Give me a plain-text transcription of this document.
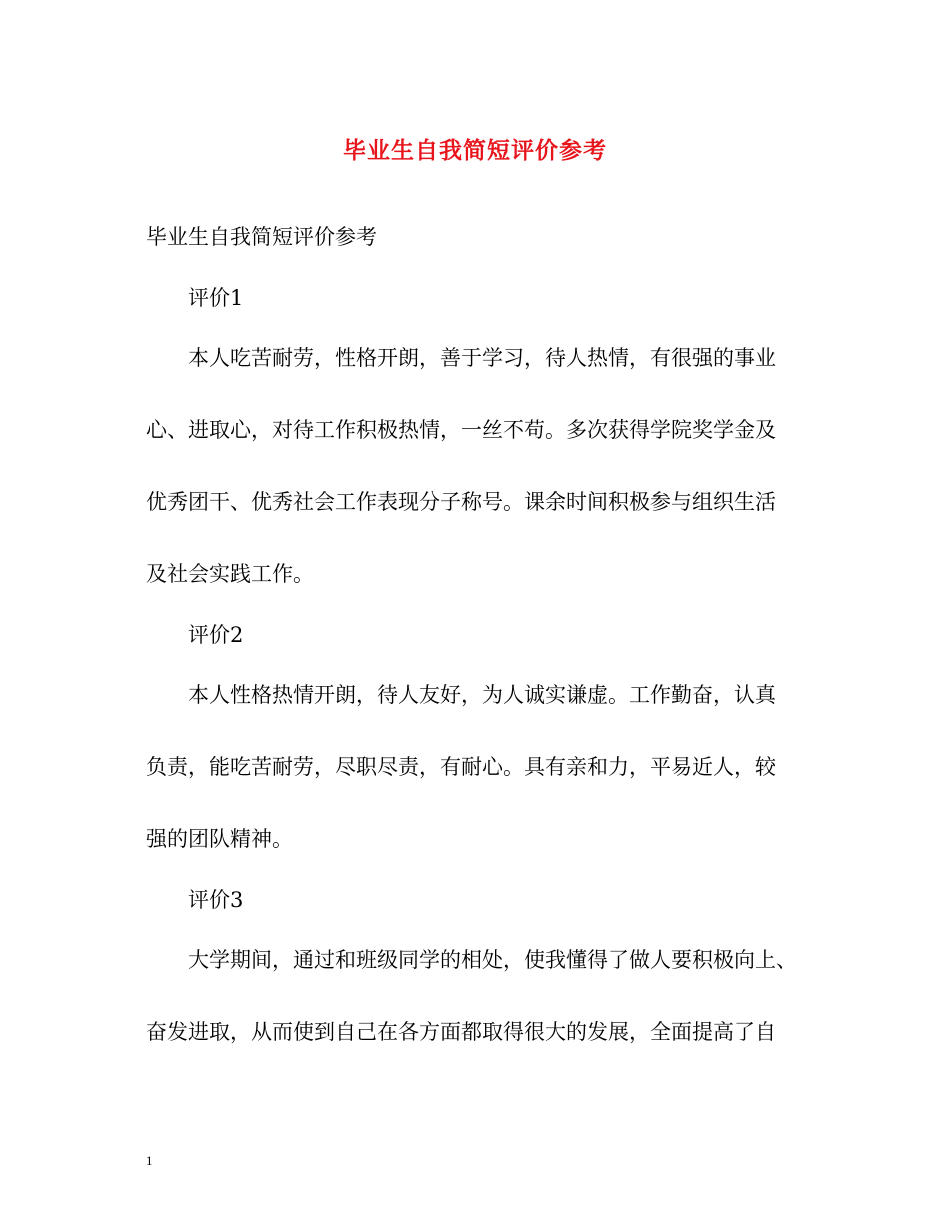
毕业生自我简短评价参考
毕业生自我简短评价参考
评价1
本人吃苦耐劳，性格开朗，善于学习，待人热情，有很强的事业
心、进取心，对待工作积极热情，一丝不苟。多次获得学院奖学金及
优秀团干、优秀社会工作表现分子称号。课余时间积极参与组织生活
及社会实践工作。
评价2
本人性格热情开朗，待人友好，为人诚实谦虚。工作勤奋，认真
负责，能吃苦耐劳，尽职尽责，有耐心。具有亲和力，平易近人，较
强的团队精神。
评价3
大学期间，通过和班级同学的相处，使我懂得了做人要积极向上、
奋发进取，从而使到自己在各方面都取得很大的发展，全面提高了自
1
